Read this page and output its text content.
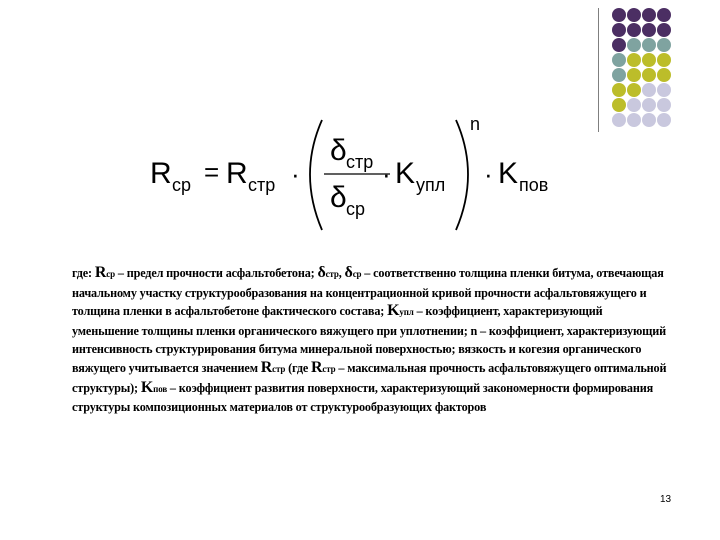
R ср = R стр ·
δ стр
δ ср
· K упл
n
· K пов
где: Rср – предел прочности асфальтобетона; δстр, δср – соответственно толщина пленки битума, отвечающая начальному участку структурообразования на концентрационной кривой прочности асфальтовяжущего и толщина пленки в асфальтобетоне фактического состава; Kупл – коэффициент, характеризующий уменьшение толщины пленки органического вяжущего при уплотнении; n – коэффициент, характеризующий интенсивность структурирования битума минеральной поверхностью; вязкость и когезия органического вяжущего учитывается значением Rстр (где Rстр – максимальная прочность асфальтовяжущего оптимальной структуры); Kпов – коэффициент развития поверхности, характеризующий закономерности формирования структуры композиционных материалов от структурообразующих факторов
13
